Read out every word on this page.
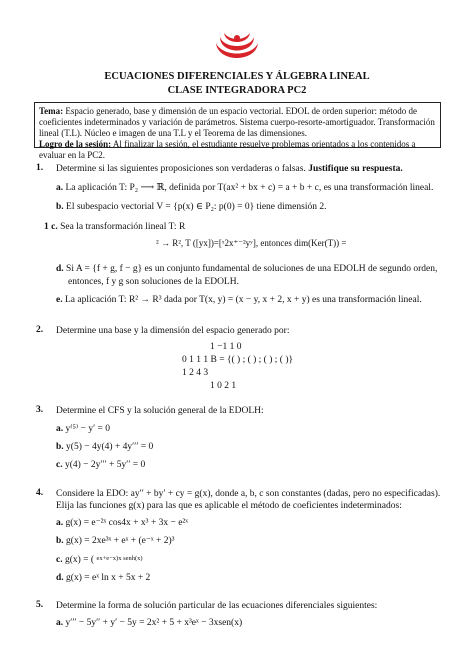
ECUACIONES DIFERENCIALES Y ÁLGEBRA LINEAL
CLASE INTEGRADORA PC2
Tema: Espacio generado, base y dimensión de un espacio vectorial. EDOL de orden superior: método de coeficientes indeterminados y variación de parámetros. Sistema cuerpo-resorte-amortiguador. Transformación lineal (T.L). Núcleo e imagen de una T.L y el Teorema de las dimensiones.
Logro de la sesión: Al finalizar la sesión, el estudiante resuelve problemas orientados a los contenidos a evaluar en la PC2.
1. Determine si las siguientes proposiciones son verdaderas o falsas. Justifique su respuesta.
a. La aplicación T: P₂ ⟶ ℝ, definida por T(ax² + bx + c) = a + b + c, es una transformación lineal.
b. El subespacio vectorial V = {p(x) ∈ P₂: p(0) = 0} tiene dimensión 2.
1 c. Sea la transformación lineal T: R
² → R², T ([yx])=[ˣ2x⁺⁻²yʸ], entonces dim(Ker(T)) =
d. Si A = {f + g, f − g} es un conjunto fundamental de soluciones de una EDOLH de segundo orden,
entonces, f y g son soluciones de la EDOLH.
e. La aplicación T: R² → R³ dada por T(x, y) = (x − y, x + 2, x + y) es una transformación lineal.
2. Determine una base y la dimensión del espacio generado por:
1 −1 1 0
0 1 1 1 B = {( ) ; ( ) ; ( ) ; ( )}
1 2 4 3
1 0 2 1
3. Determine el CFS y la solución general de la EDOLH:
a. y⁽⁵⁾ − y′ = 0
b. y(5) − 4y(4) + 4y′′′ = 0
c. y(4) − 2y′′′ + 5y′′ = 0
4. Considere la EDO: ay′′ + by′ + cy = g(x), donde a, b, c son constantes (dadas, pero no especificadas).
Elija las funciones g(x) para las que es aplicable el método de coeficientes indeterminados:
a. g(x) = e⁻²ˣ cos4x + x³ + 3x − e²ˣ
b. g(x) = 2xe³ˣ + eˣ + (e⁻ˣ + 2)³
c. g(x) = ( $^{ex+e-x)x senh(x)}$
d. g(x) = eˣ ln x + 5x + 2
5. Determine la forma de solución particular de las ecuaciones diferenciales siguientes:
a. y′′′ − 5y′′ + y′ − 5y = 2x² + 5 + x³eˣ − 3xsen(x)
